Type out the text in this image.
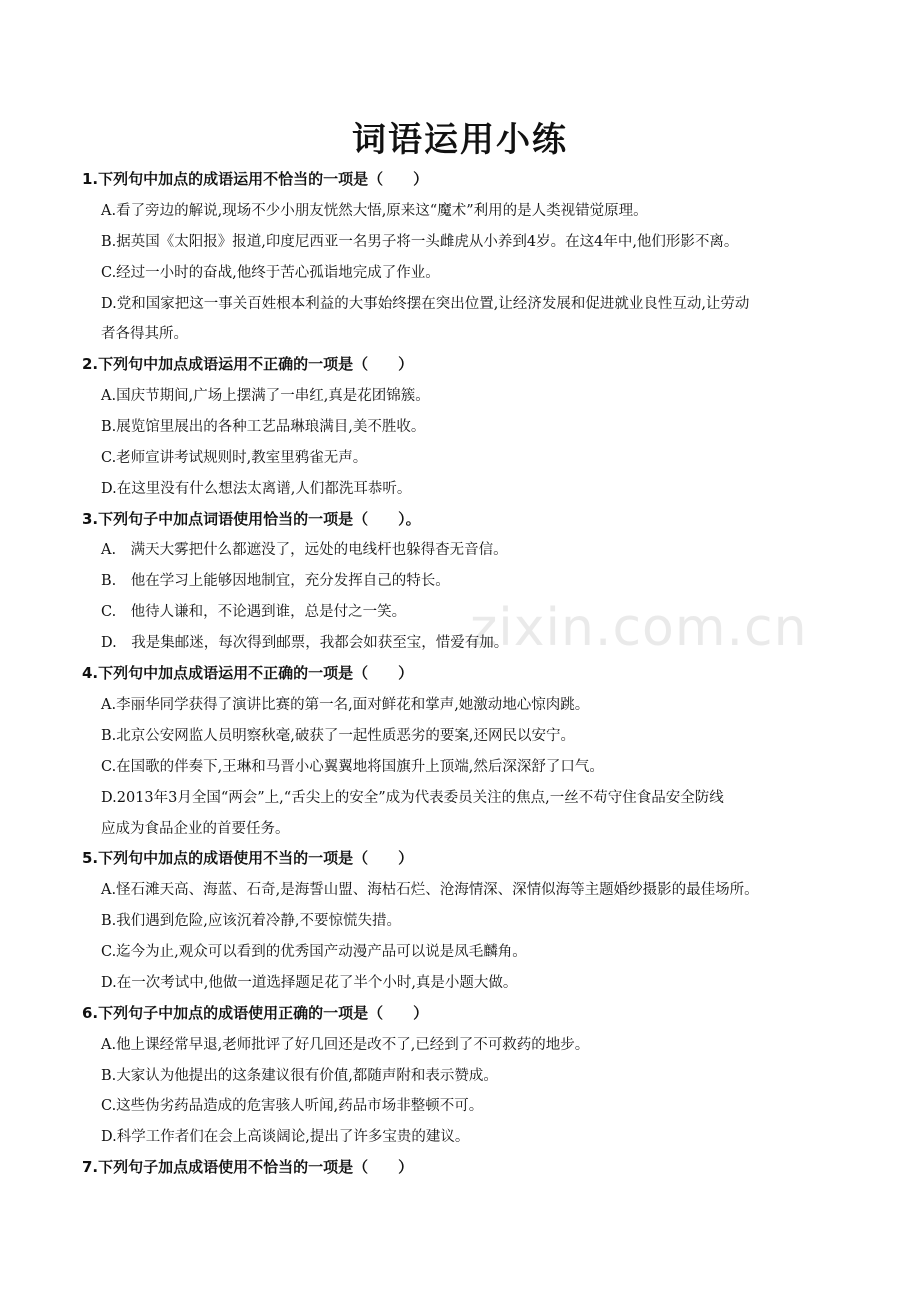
zixin.com.cn
词语运用小练
1.下列句中加点的成语运用不恰当的一项是（　　）
A.看了旁边的解说,现场不少小朋友恍然大悟,原来这“魔术”利用的是人类视错觉原理。
B.据英国《太阳报》报道,印度尼西亚一名男子将一头雌虎从小养到4岁。在这4年中,他们形影不离。
C.经过一小时的奋战,他终于苦心孤诣地完成了作业。
D.党和国家把这一事关百姓根本利益的大事始终摆在突出位置,让经济发展和促进就业良性互动,让劳动
者各得其所。
2.下列句中加点成语运用不正确的一项是（　　）
A.国庆节期间,广场上摆满了一串红,真是花团锦簇。
B.展览馆里展出的各种工艺品琳琅满目,美不胜收。
C.老师宣讲考试规则时,教室里鸦雀无声。
D.在这里没有什么想法太离谱,人们都洗耳恭听。
3.下列句子中加点词语使用恰当的一项是（　　）。
A.　满天大雾把什么都遮没了，远处的电线杆也躲得杳无音信。
B.　他在学习上能够因地制宜，充分发挥自己的特长。
C.　他待人谦和，不论遇到谁，总是付之一笑。
D.　我是集邮迷，每次得到邮票，我都会如获至宝，惜爱有加。
4.下列句中加点成语运用不正确的一项是（　　）
A.李丽华同学获得了演讲比赛的第一名,面对鲜花和掌声,她激动地心惊肉跳。
B.北京公安网监人员明察秋毫,破获了一起性质恶劣的要案,还网民以安宁。
C.在国歌的伴奏下,王琳和马晋小心翼翼地将国旗升上顶端,然后深深舒了口气。
D.2013年3月全国“两会”上,“舌尖上的安全”成为代表委员关注的焦点,一丝不苟守住食品安全防线
应成为食品企业的首要任务。
5.下列句中加点的成语使用不当的一项是（　　）
A.怪石滩天高、海蓝、石奇,是海誓山盟、海枯石烂、沧海情深、深情似海等主题婚纱摄影的最佳场所。
B.我们遇到危险,应该沉着冷静,不要惊慌失措。
C.迄今为止,观众可以看到的优秀国产动漫产品可以说是凤毛麟角。
D.在一次考试中,他做一道选择题足花了半个小时,真是小题大做。
6.下列句子中加点的成语使用正确的一项是（　　）
A.他上课经常早退,老师批评了好几回还是改不了,已经到了不可救药的地步。
B.大家认为他提出的这条建议很有价值,都随声附和表示赞成。
C.这些伪劣药品造成的危害骇人听闻,药品市场非整顿不可。
D.科学工作者们在会上高谈阔论,提出了许多宝贵的建议。
7.下列句子加点成语使用不恰当的一项是（　　）
